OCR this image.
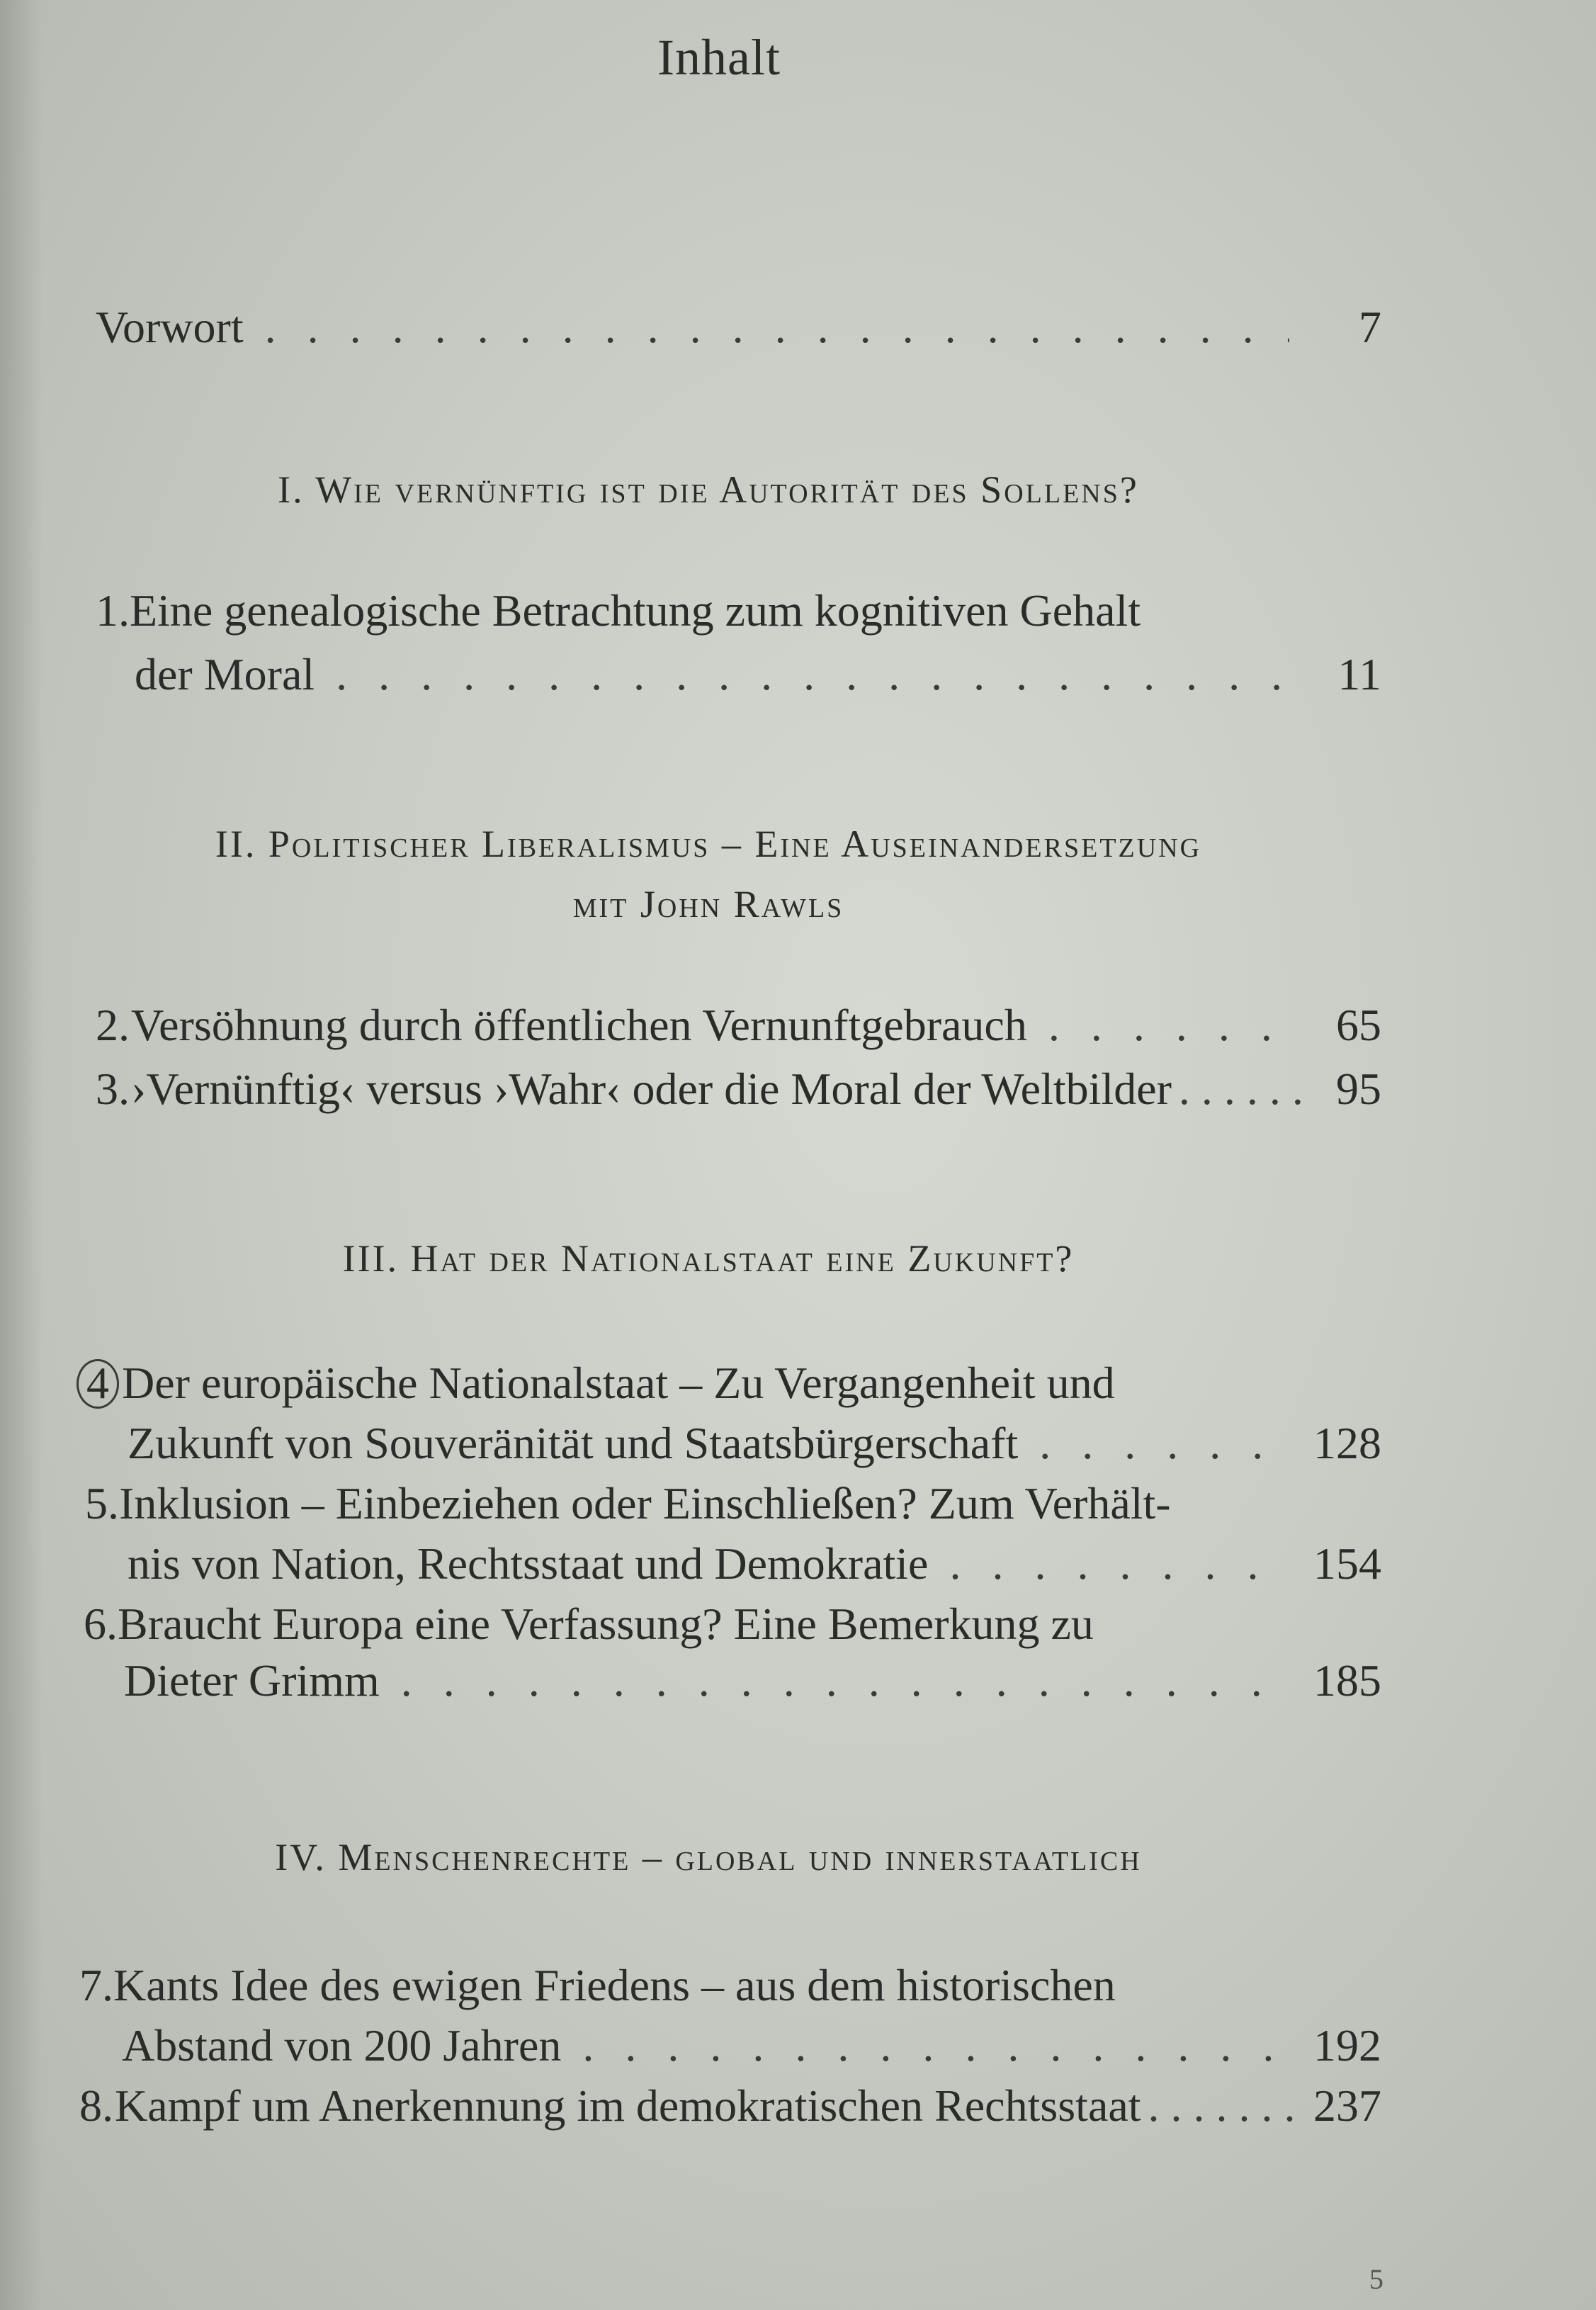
Inhalt
Vorwort . . .	7
I. Wie vernünftig ist die Autorität des Sollens?
1.Eine genealogische Betrachtung zum kognitiven Gehalt
der Moral . . .	11
II. Politischer Liberalismus – Eine Auseinandersetzung
mit John Rawls
2. Versöhnung durch öffentlichen Vernunftgebrauch . . .	65
3. ›Vernünftig‹ versus ›Wahr‹ oder die Moral der Weltbilder . . .	95
III. Hat der Nationalstaat eine Zukunft?
4 Der europäische Nationalstaat – Zu Vergangenheit und
Zukunft von Souveränität und Staatsbürgerschaft . . .	128
5.Inklusion – Einbeziehen oder Einschließen? Zum Verhält-
nis von Nation, Rechtsstaat und Demokratie . . .	154
6.Braucht Europa eine Verfassung? Eine Bemerkung zu
Dieter Grimm . . .	185
IV. Menschenrechte – global und innerstaatlich
7.Kants Idee des ewigen Friedens – aus dem historischen
Abstand von 200 Jahren . . .	192
8. Kampf um Anerkennung im demokratischen Rechtsstaat . . .	237
5
